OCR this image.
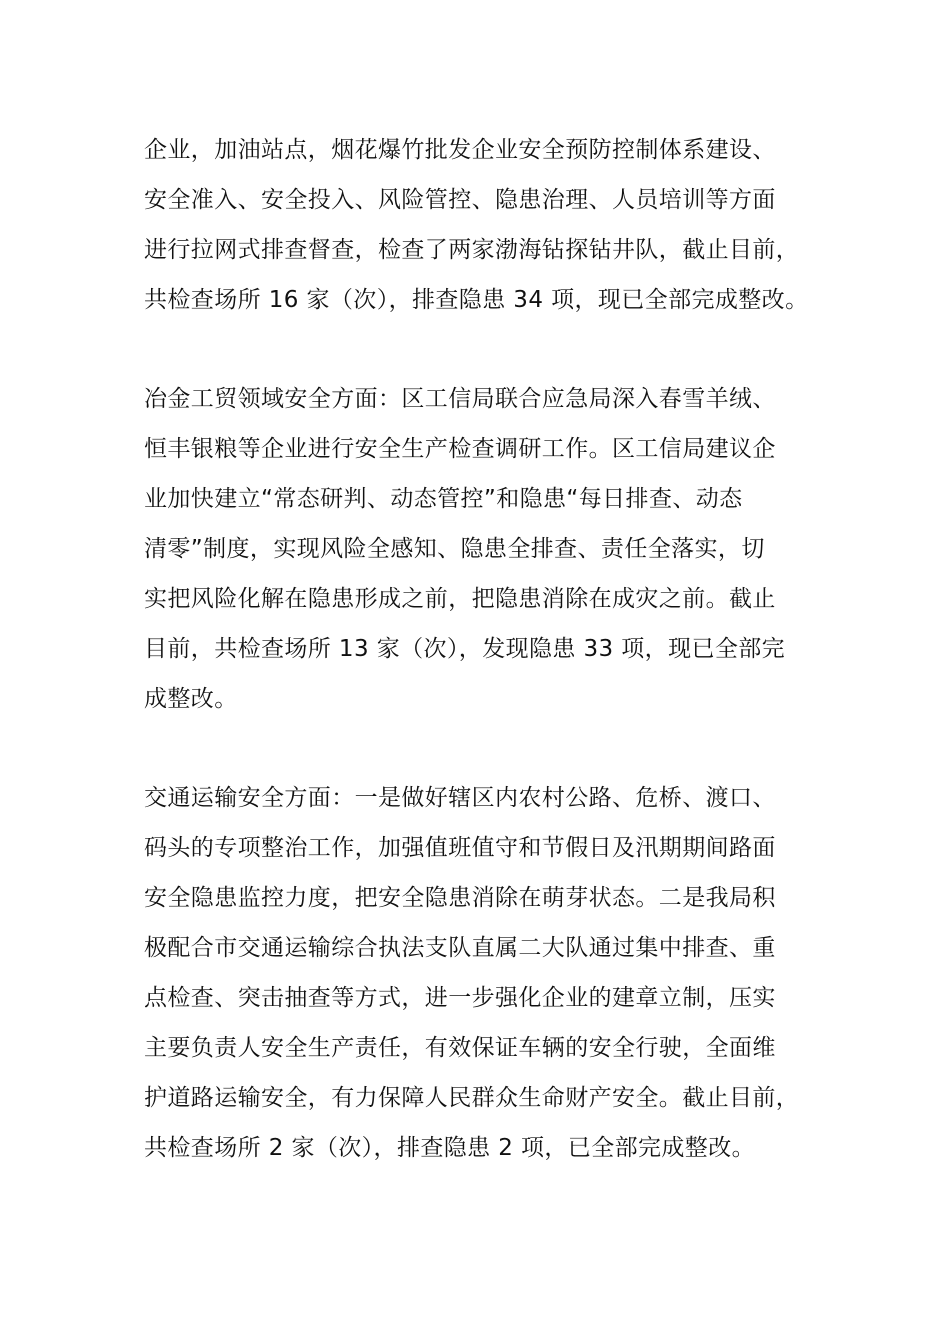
企业，加油站点，烟花爆竹批发企业安全预防控制体系建设、
安全准入、安全投入、风险管控、隐患治理、人员培训等方面
进行拉网式排查督查，检查了两家渤海钻探钻井队，截止目前，
共检查场所 16 家（次），排查隐患 34 项，现已全部完成整改。
冶金工贸领域安全方面：区工信局联合应急局深入春雪羊绒、
恒丰银粮等企业进行安全生产检查调研工作。区工信局建议企
业加快建立“常态研判、动态管控”和隐患“每日排查、动态
清零”制度，实现风险全感知、隐患全排查、责任全落实，切
实把风险化解在隐患形成之前，把隐患消除在成灾之前。截止
目前，共检查场所 13 家（次），发现隐患 33 项，现已全部完
成整改。
交通运输安全方面：一是做好辖区内农村公路、危桥、渡口、
码头的专项整治工作，加强值班值守和节假日及汛期期间路面
安全隐患监控力度，把安全隐患消除在萌芽状态。二是我局积
极配合市交通运输综合执法支队直属二大队通过集中排查、重
点检查、突击抽查等方式，进一步强化企业的建章立制，压实
主要负责人安全生产责任，有效保证车辆的安全行驶，全面维
护道路运输安全，有力保障人民群众生命财产安全。截止目前，
共检查场所 2 家（次），排查隐患 2 项，已全部完成整改。
